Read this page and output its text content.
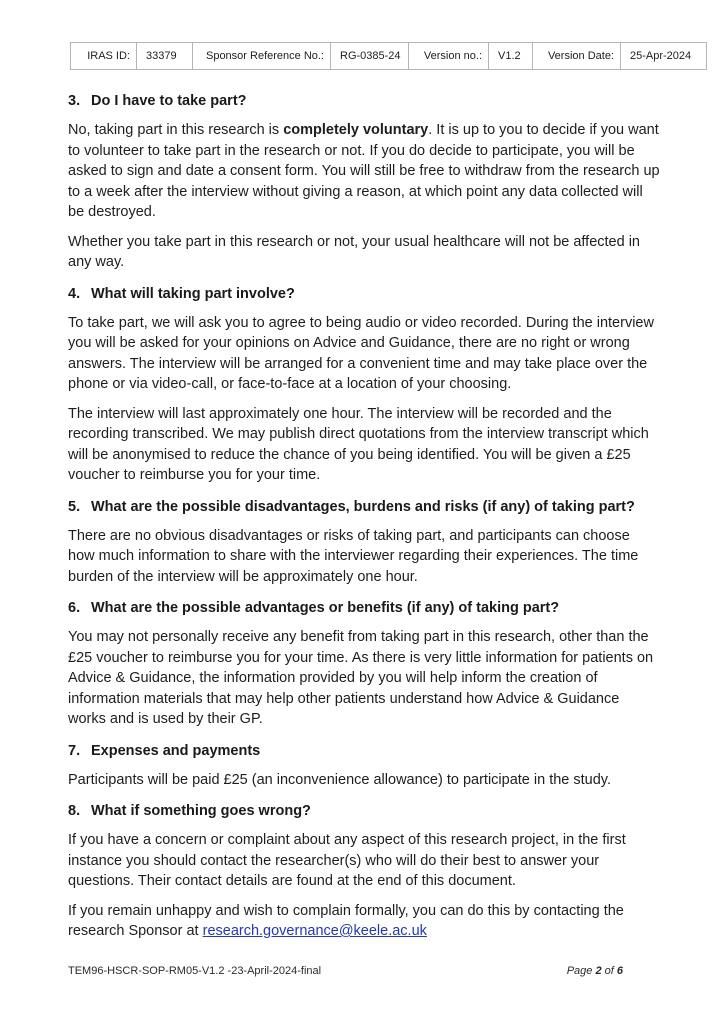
IRAS ID:	33379	Sponsor Reference No.:	RG-0385-24	Version no.:	V1.2	Version Date:	25-Apr-2024
3. Do I have to take part?

No, taking part in this research is completely voluntary. It is up to you to decide if you want to volunteer to take part in the research or not. If you do decide to participate, you will be asked to sign and date a consent form. You will still be free to withdraw from the research up to a week after the interview without giving a reason, at which point any data collected will be destroyed.

Whether you take part in this research or not, your usual healthcare will not be affected in any way.

4. What will taking part involve?

To take part, we will ask you to agree to being audio or video recorded. During the interview you will be asked for your opinions on Advice and Guidance, there are no right or wrong answers. The interview will be arranged for a convenient time and may take place over the phone or via video-call, or face-to-face at a location of your choosing.

The interview will last approximately one hour. The interview will be recorded and the recording transcribed. We may publish direct quotations from the interview transcript which will be anonymised to reduce the chance of you being identified. You will be given a £25 voucher to reimburse you for your time.

5. What are the possible disadvantages, burdens and risks (if any) of taking part?

There are no obvious disadvantages or risks of taking part, and participants can choose how much information to share with the interviewer regarding their experiences. The time burden of the interview will be approximately one hour.

6. What are the possible advantages or benefits (if any) of taking part?

You may not personally receive any benefit from taking part in this research, other than the £25 voucher to reimburse you for your time. As there is very little information for patients on Advice & Guidance, the information provided by you will help inform the creation of information materials that may help other patients understand how Advice & Guidance works and is used by their GP.

7. Expenses and payments

Participants will be paid £25 (an inconvenience allowance) to participate in the study.

8. What if something goes wrong?

If you have a concern or complaint about any aspect of this research project, in the first instance you should contact the researcher(s) who will do their best to answer your questions. Their contact details are found at the end of this document.

If you remain unhappy and wish to complain formally, you can do this by contacting the research Sponsor at research.governance@keele.ac.uk

TEM96-HSCR-SOP-RM05-V1.2 -23-April-2024-final	Page 2 of 6
